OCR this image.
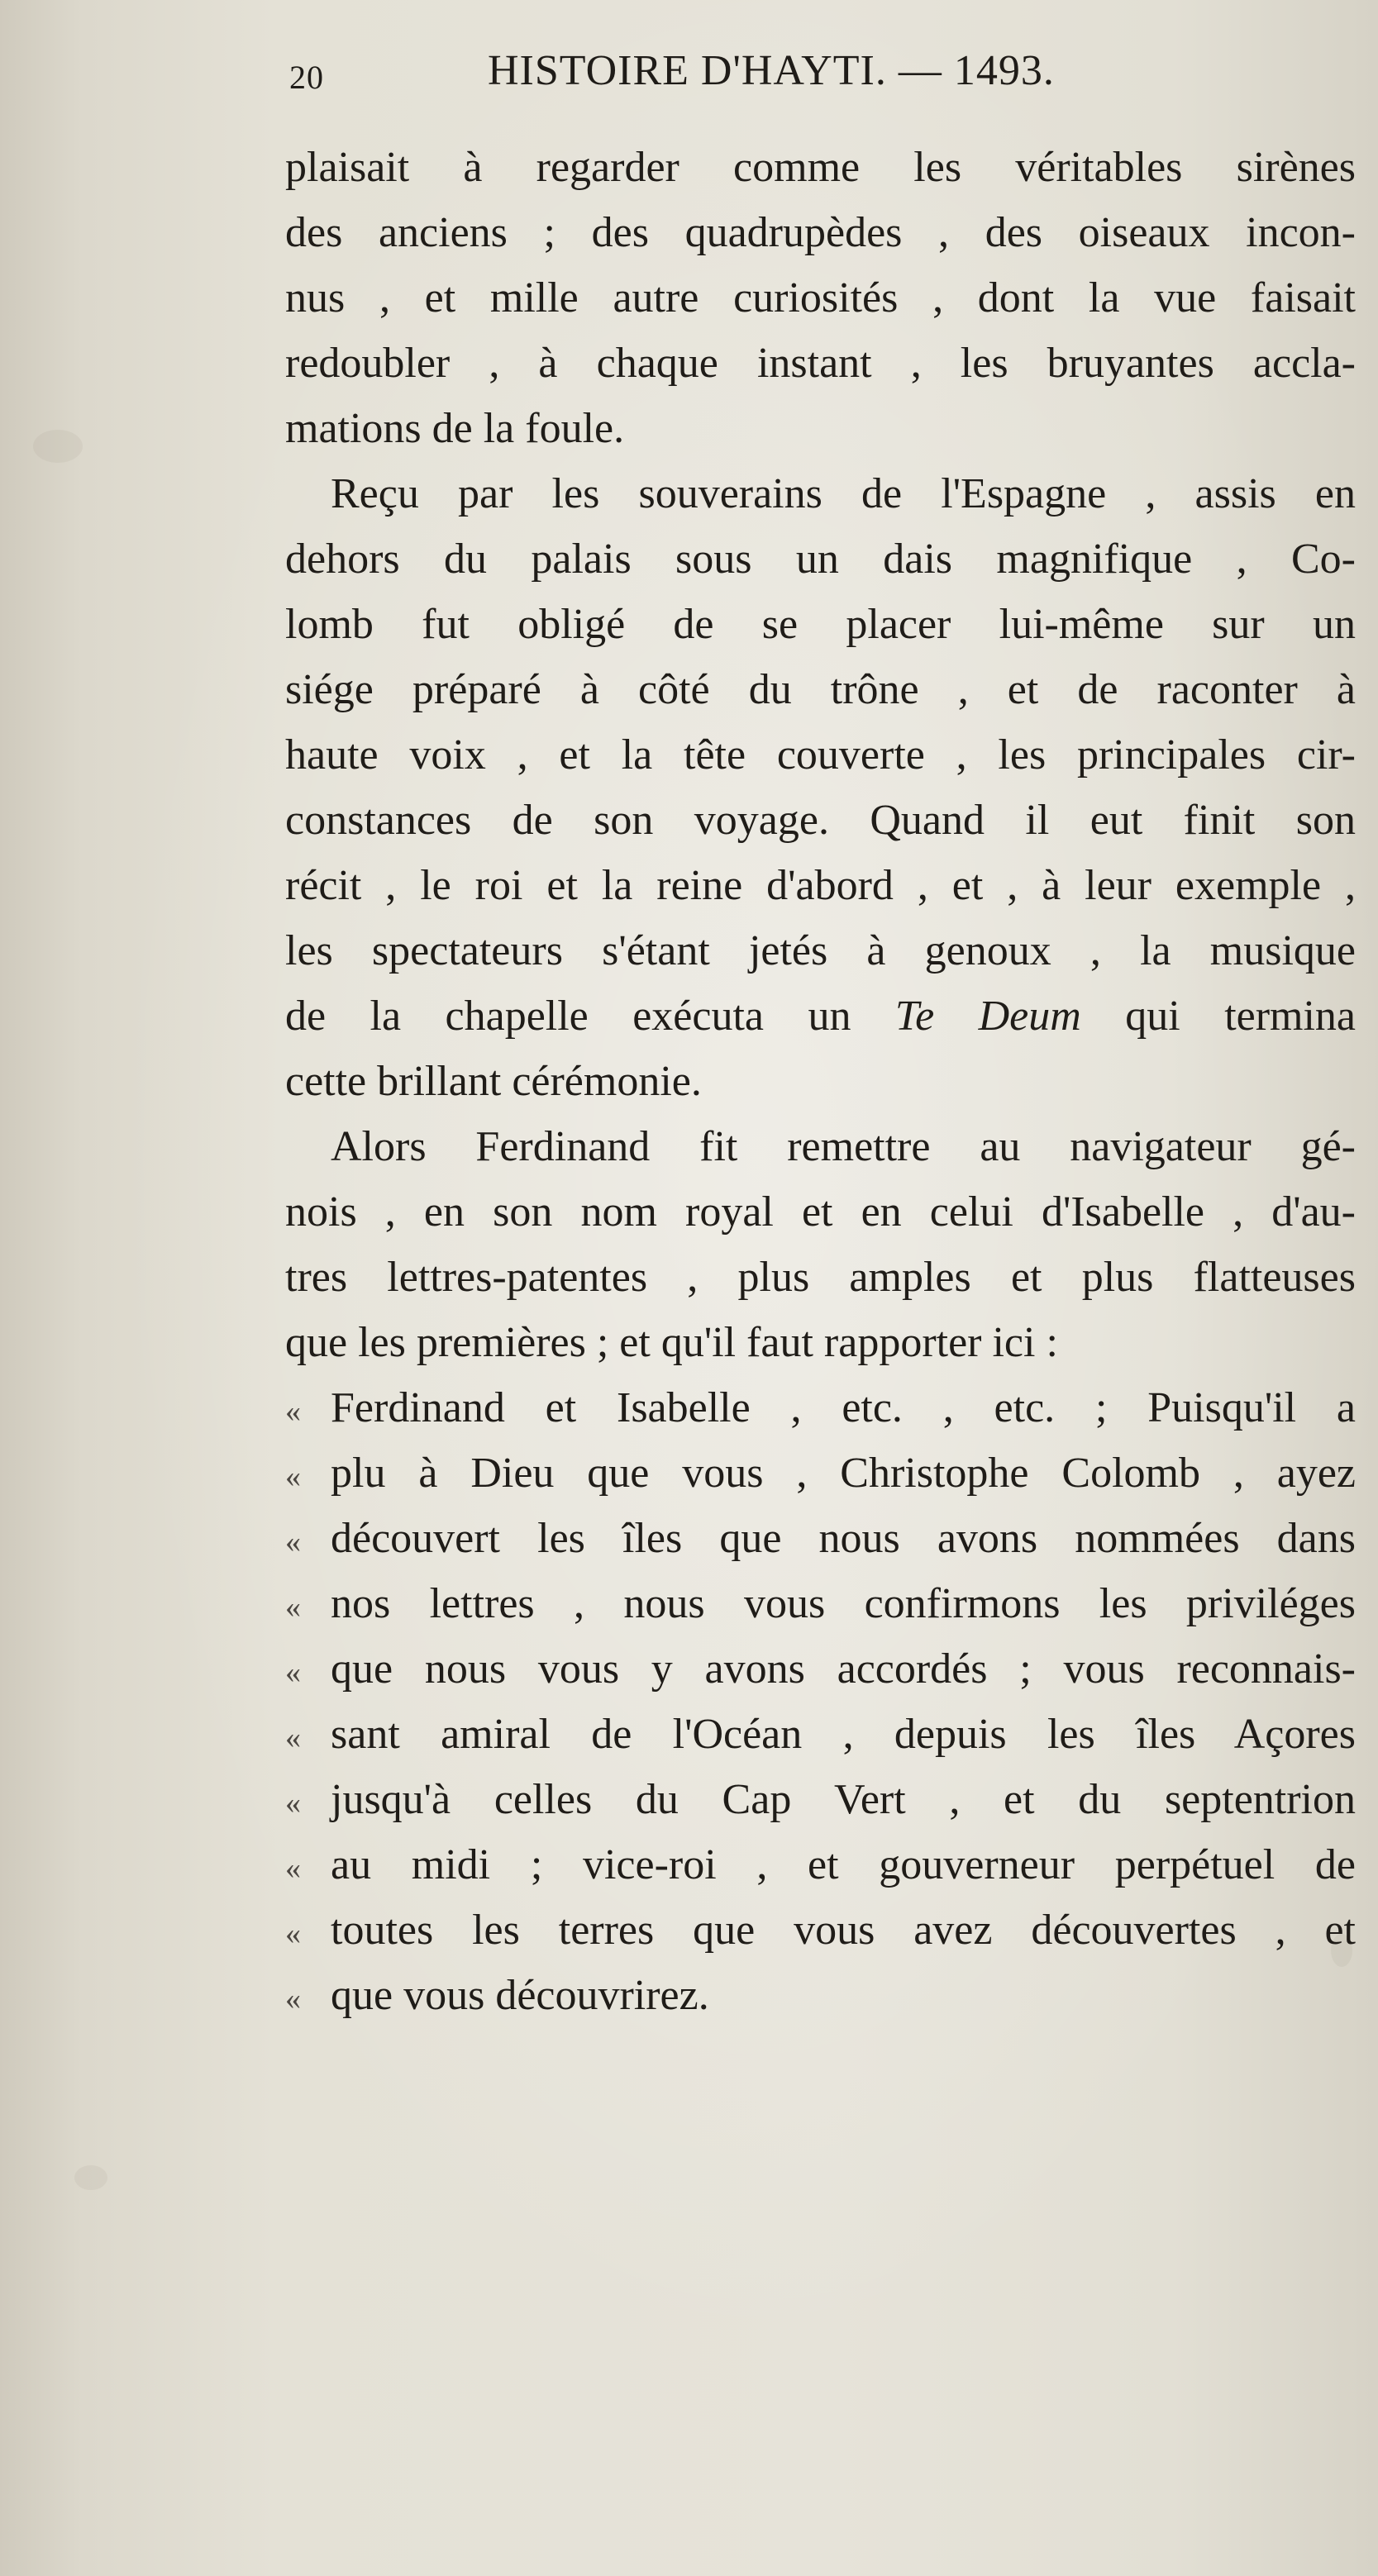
20	HISTOIRE D'HAYTI. — 1493.
plaisait à regarder comme les véritables sirènes
des anciens ; des quadrupèdes , des oiseaux incon-
nus , et mille autre curiosités , dont la vue faisait
redoubler , à chaque instant , les bruyantes accla-
mations de la foule.
Reçu par les souverains de l'Espagne , assis en
dehors du palais sous un dais magnifique , Co-
lomb fut obligé de se placer lui-même sur un
siége préparé à côté du trône , et de raconter à
haute voix , et la tête couverte , les principales cir-
constances de son voyage. Quand il eut finit son
récit , le roi et la reine d'abord , et , à leur exemple ,
les spectateurs s'étant jetés à genoux , la musique
de la chapelle exécuta un Te Deum qui termina
cette brillant cérémonie.
Alors Ferdinand fit remettre au navigateur gé-
nois , en son nom royal et en celui d'Isabelle , d'au-
tres lettres-patentes , plus amples et plus flatteuses
que les premières ; et qu'il faut rapporter ici :
« Ferdinand et Isabelle , etc. , etc. ; Puisqu'il a
« plu à Dieu que vous , Christophe Colomb , ayez
« découvert les îles que nous avons nommées dans
« nos lettres , nous vous confirmons les priviléges
« que nous vous y avons accordés ; vous reconnais-
« sant amiral de l'Océan , depuis les îles Açores
« jusqu'à celles du Cap Vert , et du septentrion
« au midi ; vice-roi , et gouverneur perpétuel de
« toutes les terres que vous avez découvertes , et
« que vous découvrirez.
